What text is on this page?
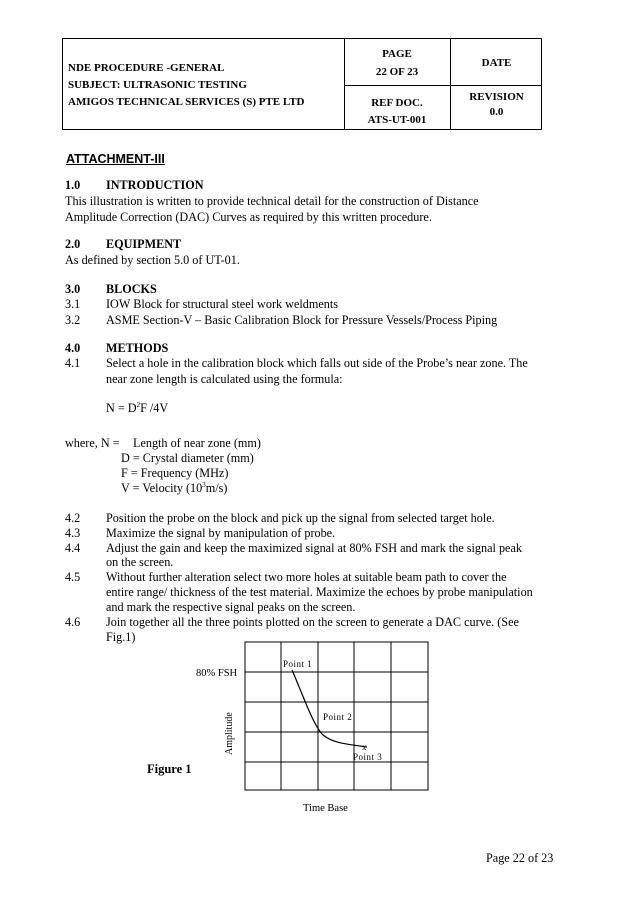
NDE PROCEDURE -GENERAL
SUBJECT: ULTRASONIC TESTING
AMIGOS TECHNICAL SERVICES (S) PTE LTD
PAGE
22 OF 23
DATE
REF DOC.
ATS-UT-001
REVISION
0.0
ATTACHMENT-III
1.0 INTRODUCTION
This illustration is written to provide technical detail for the construction of Distance
Amplitude Correction (DAC) Curves as required by this written procedure.
2.0 EQUIPMENT
As defined by section 5.0 of UT-01.
3.0 BLOCKS
3.1 IOW Block for structural steel work weldments
3.2 ASME Section-V – Basic Calibration Block for Pressure Vessels/Process Piping
4.0 METHODS
4.1 Select a hole in the calibration block which falls out side of the Probe’s near zone. The
near zone length is calculated using the formula:
$N = D^2F$ /4V
where, N = Length of near zone (mm)
D = Crystal diameter (mm)
F = Frequency (MHz)
V = Velocity $(10^3m/s)$
4.2 Position the probe on the block and pick up the signal from selected target hole.
4.3 Maximize the signal by manipulation of probe.
4.4 Adjust the gain and keep the maximized signal at 80% FSH and mark the signal peak
on the screen.
4.5 Without further alteration select two more holes at suitable beam path to cover the
entire range/ thickness of the test material. Maximize the echoes by probe manipulation
and mark the respective signal peaks on the screen.
4.6 Join together all the three points plotted on the screen to generate a DAC curve. (See
Fig.1)
Point 1
Point 2
x
Point 3
80% FSH
Amplitude
Time Base
Figure 1
Page 22 of 23
